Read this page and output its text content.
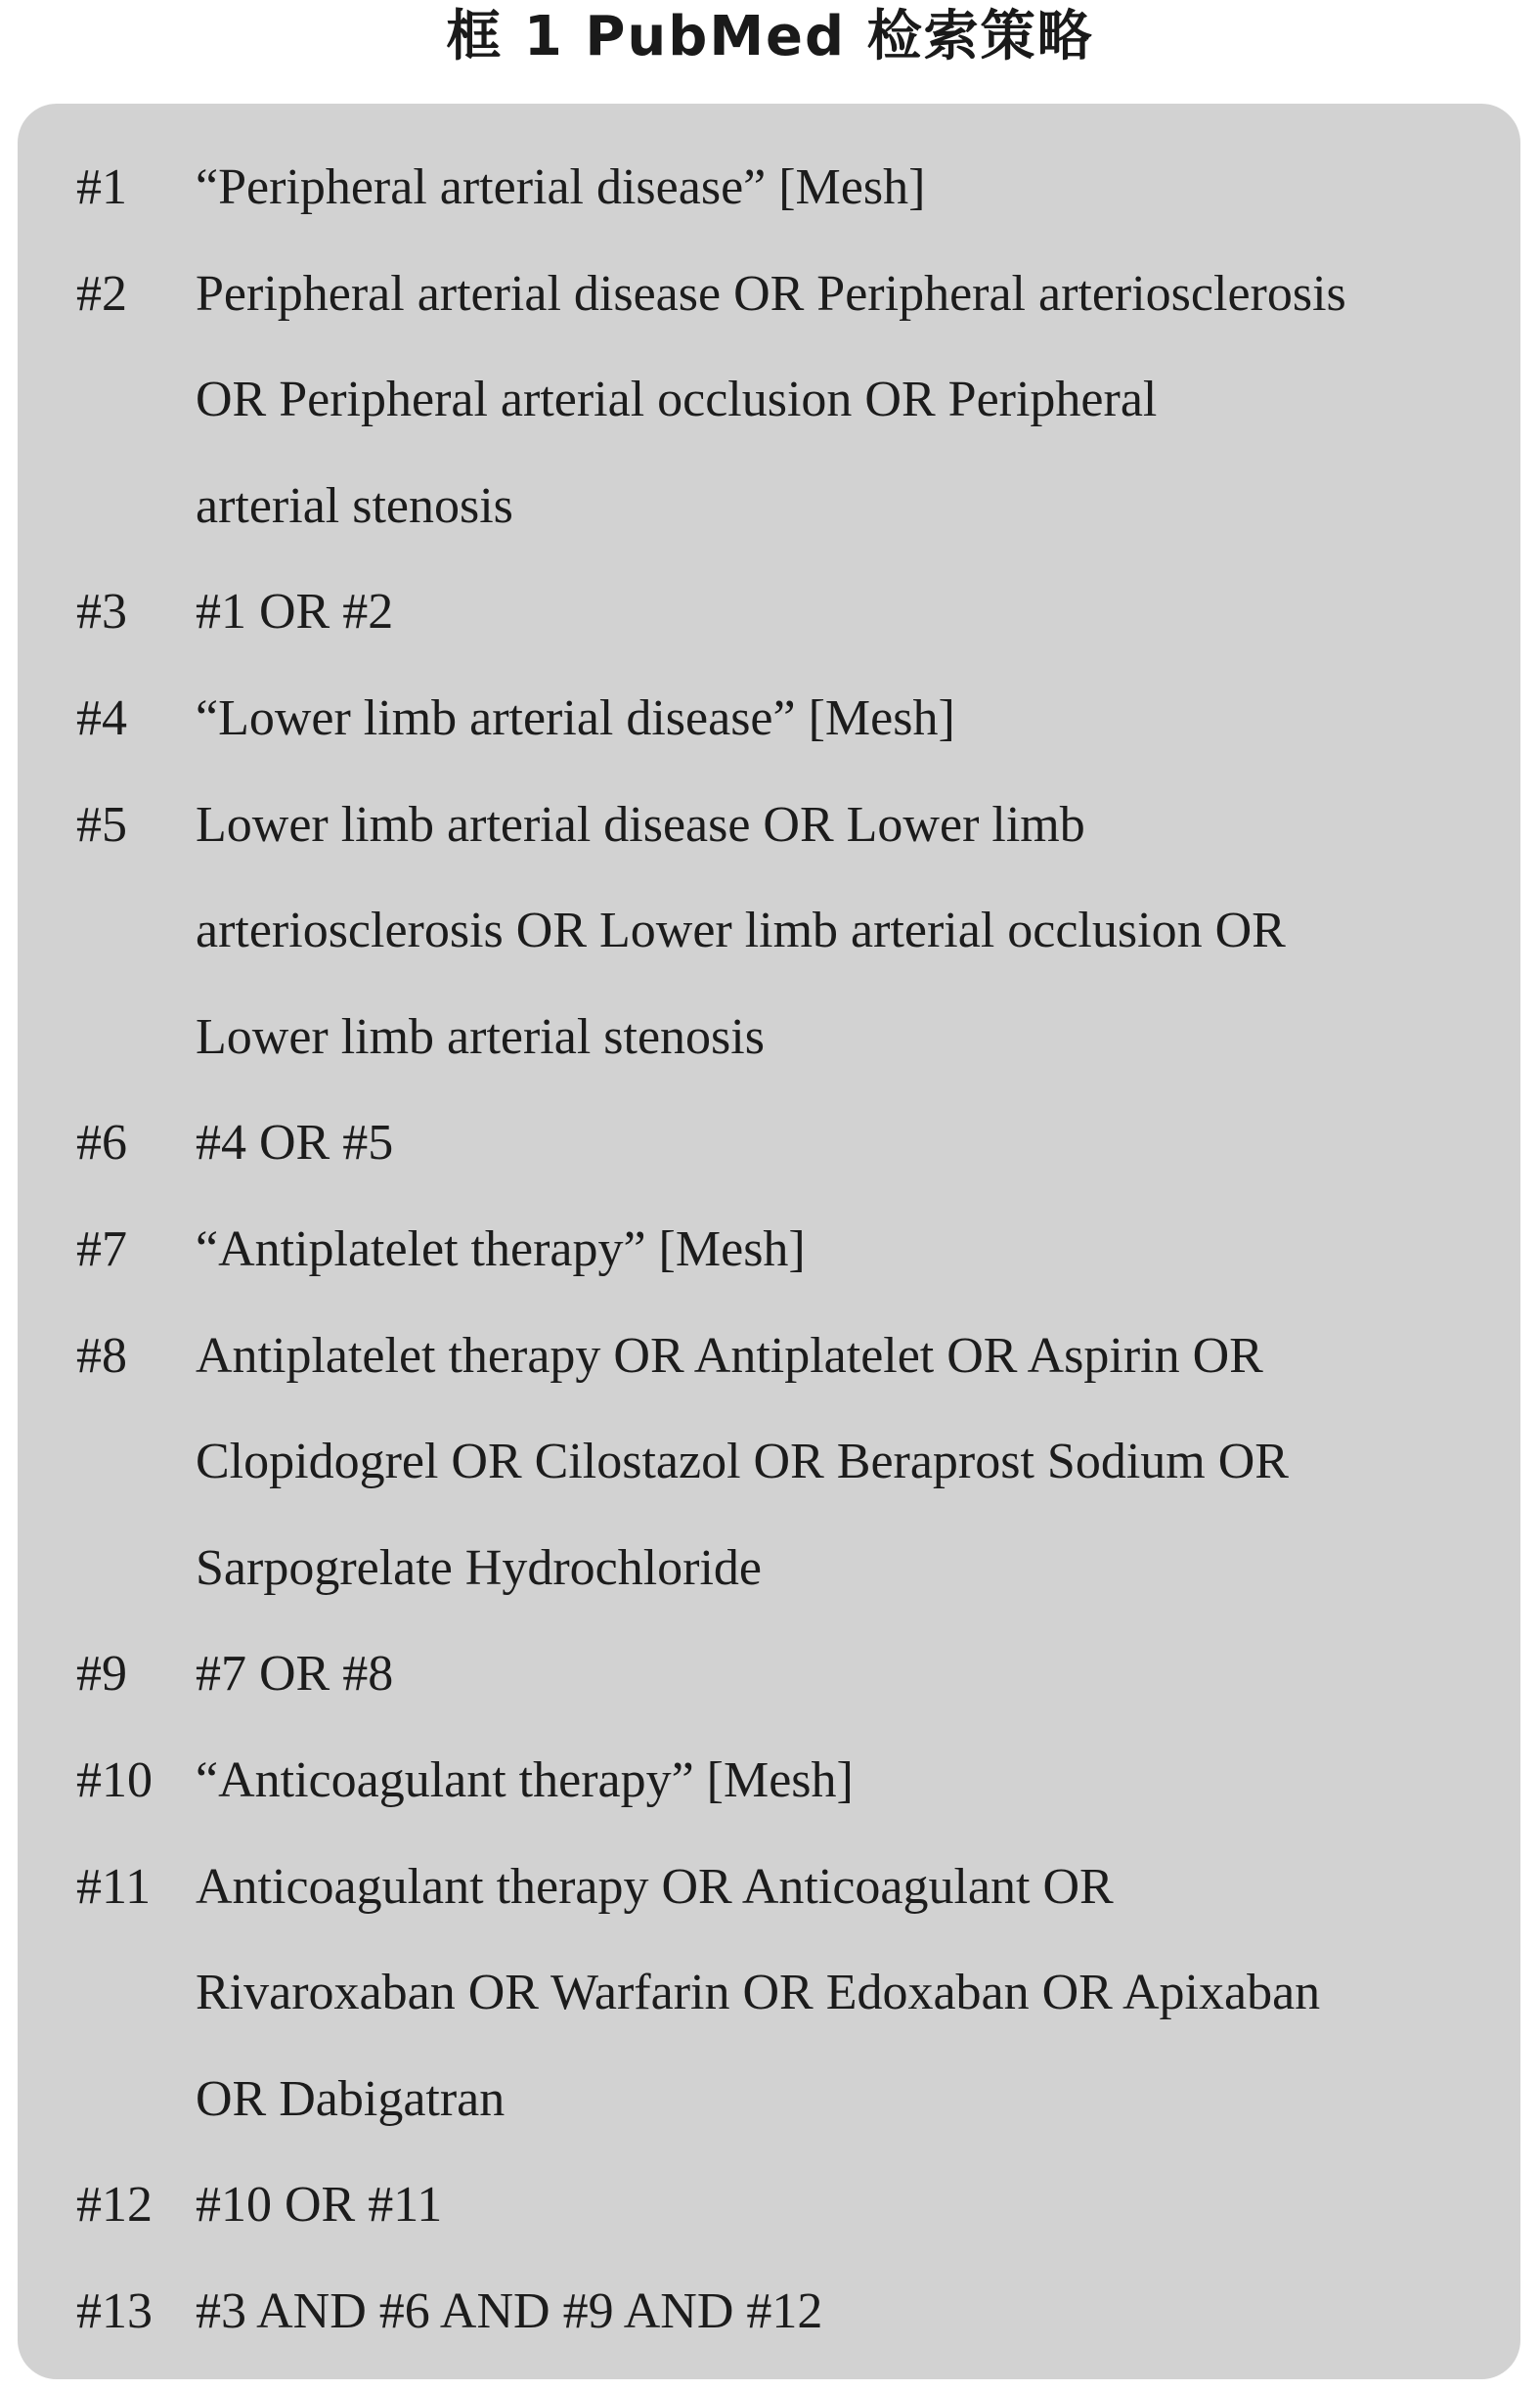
框 1 PubMed 检索策略
#1	“Peripheral arterial disease” [Mesh]
#2	Peripheral arterial disease OR Peripheral arteriosclerosis
OR Peripheral arterial occlusion OR Peripheral
arterial stenosis
#3	#1 OR #2
#4	“Lower limb arterial disease” [Mesh]
#5	Lower limb arterial disease OR Lower limb
arteriosclerosis OR Lower limb arterial occlusion OR
Lower limb arterial stenosis
#6	#4 OR #5
#7	“Antiplatelet therapy” [Mesh]
#8	Antiplatelet therapy OR Antiplatelet OR Aspirin OR
Clopidogrel OR Cilostazol OR Beraprost Sodium OR
Sarpogrelate Hydrochloride
#9	#7 OR #8
#10 “Anticoagulant therapy” [Mesh]
#11 Anticoagulant therapy OR Anticoagulant OR
Rivaroxaban OR Warfarin OR Edoxaban OR Apixaban
OR Dabigatran
#12 #10 OR #11
#13 #3 AND #6 AND #9 AND #12
